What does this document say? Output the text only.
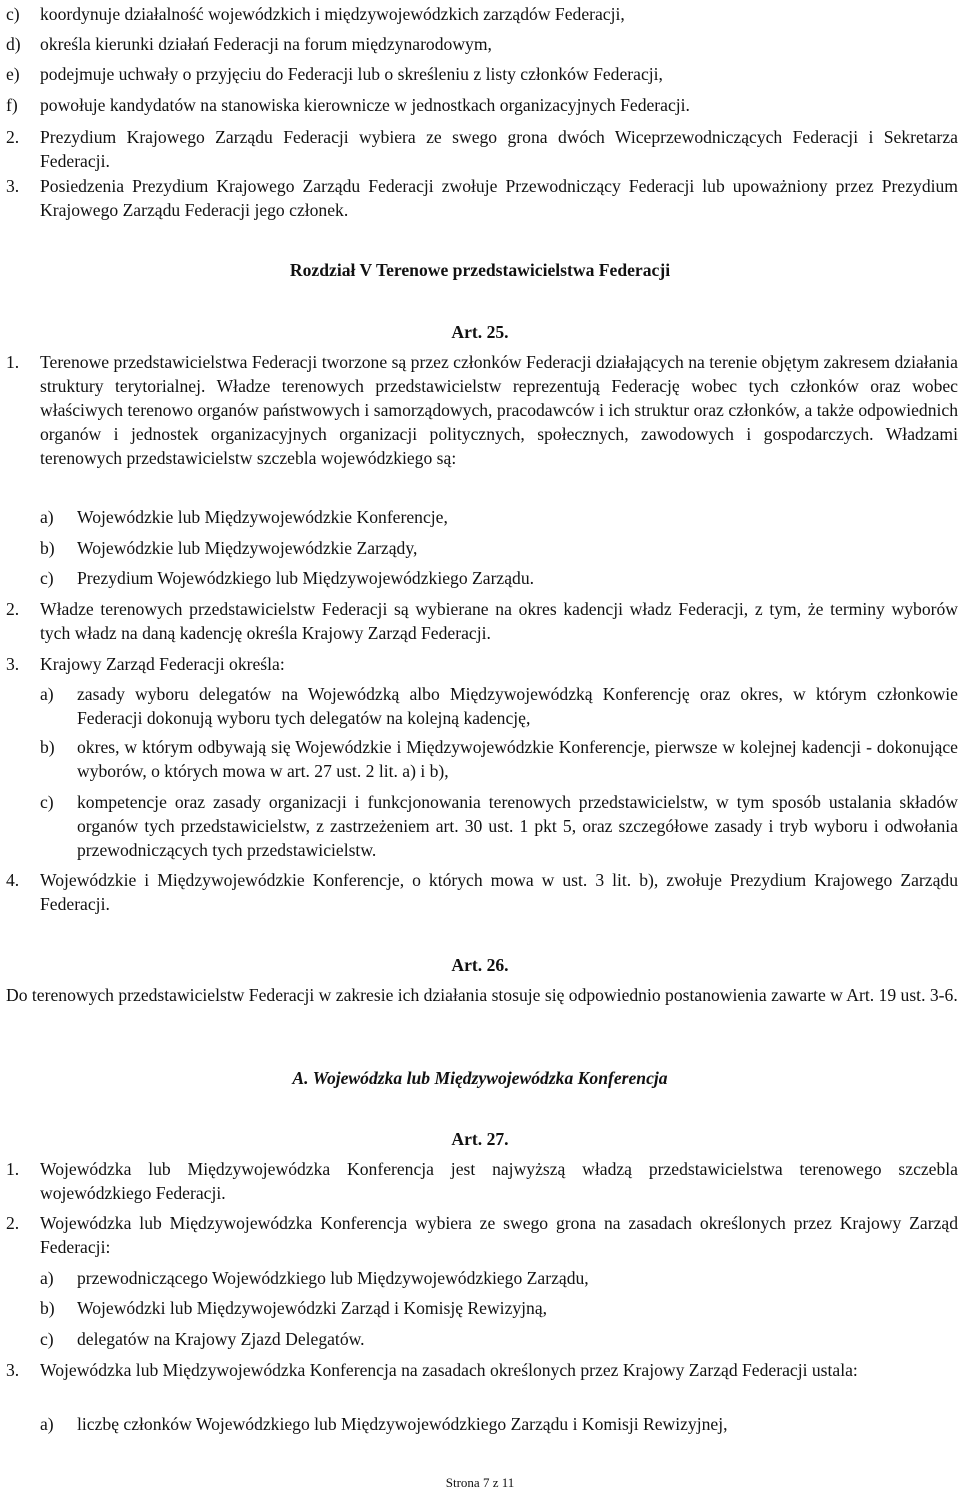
c) koordynuje działalność wojewódzkich i międzywojewódzkich zarządów Federacji,
d) określa kierunki działań Federacji na forum międzynarodowym,
e) podejmuje uchwały o przyjęciu do Federacji lub o skreśleniu z listy członków Federacji,
f) powołuje kandydatów na stanowiska kierownicze w jednostkach organizacyjnych Federacji.
2. Prezydium Krajowego Zarządu Federacji wybiera ze swego grona dwóch Wiceprzewodniczących Federacji i Sekretarza Federacji.
3. Posiedzenia Prezydium Krajowego Zarządu Federacji zwołuje Przewodniczący Federacji lub upoważniony przez Prezydium Krajowego Zarządu Federacji jego członek.
Rozdział V Terenowe przedstawicielstwa Federacji
Art. 25.
1. Terenowe przedstawicielstwa Federacji tworzone są przez członków Federacji działających na terenie objętym zakresem działania struktury terytorialnej. Władze terenowych przedstawicielstw reprezentują Federację wobec tych członków oraz wobec właściwych terenowo organów państwowych i samorządowych, pracodawców i ich struktur oraz członków, a także odpowiednich organów i jednostek organizacyjnych organizacji politycznych, społecznych, zawodowych i gospodarczych. Władzami terenowych przedstawicielstw szczebla wojewódzkiego są:
a) Wojewódzkie lub Międzywojewódzkie Konferencje,
b) Wojewódzkie lub Międzywojewódzkie Zarządy,
c) Prezydium Wojewódzkiego lub Międzywojewódzkiego Zarządu.
2. Władze terenowych przedstawicielstw Federacji są wybierane na okres kadencji władz Federacji, z tym, że terminy wyborów tych władz na daną kadencję określa Krajowy Zarząd Federacji.
3. Krajowy Zarząd Federacji określa:
a) zasady wyboru delegatów na Wojewódzką albo Międzywojewódzką Konferencję oraz okres, w którym członkowie Federacji dokonują wyboru tych delegatów na kolejną kadencję,
b) okres, w którym odbywają się Wojewódzkie i Międzywojewódzkie Konferencje, pierwsze w kolejnej kadencji - dokonujące wyborów, o których mowa w art. 27 ust. 2 lit. a) i b),
c) kompetencje oraz zasady organizacji i funkcjonowania terenowych przedstawicielstw, w tym sposób ustalania składów organów tych przedstawicielstw, z zastrzeżeniem art. 30 ust. 1 pkt 5, oraz szczegółowe zasady i tryb wyboru i odwołania przewodniczących tych przedstawicielstw.
4. Wojewódzkie i Międzywojewódzkie Konferencje, o których mowa w ust. 3 lit. b), zwołuje Prezydium Krajowego Zarządu Federacji.
Art. 26.
Do terenowych przedstawicielstw Federacji w zakresie ich działania stosuje się odpowiednio postanowienia zawarte w Art. 19 ust. 3-6.
A. Wojewódzka lub Międzywojewódzka Konferencja
Art. 27.
1. Wojewódzka lub Międzywojewódzka Konferencja jest najwyższą władzą przedstawicielstwa terenowego szczebla wojewódzkiego Federacji.
2. Wojewódzka lub Międzywojewódzka Konferencja wybiera ze swego grona na zasadach określonych przez Krajowy Zarząd Federacji:
a) przewodniczącego Wojewódzkiego lub Międzywojewódzkiego Zarządu,
b) Wojewódzki lub Międzywojewódzki Zarząd i Komisję Rewizyjną,
c) delegatów na Krajowy Zjazd Delegatów.
3. Wojewódzka lub Międzywojewódzka Konferencja na zasadach określonych przez Krajowy Zarząd Federacji ustala:
a) liczbę członków Wojewódzkiego lub Międzywojewódzkiego Zarządu i Komisji Rewizyjnej,
Strona 7 z 11
